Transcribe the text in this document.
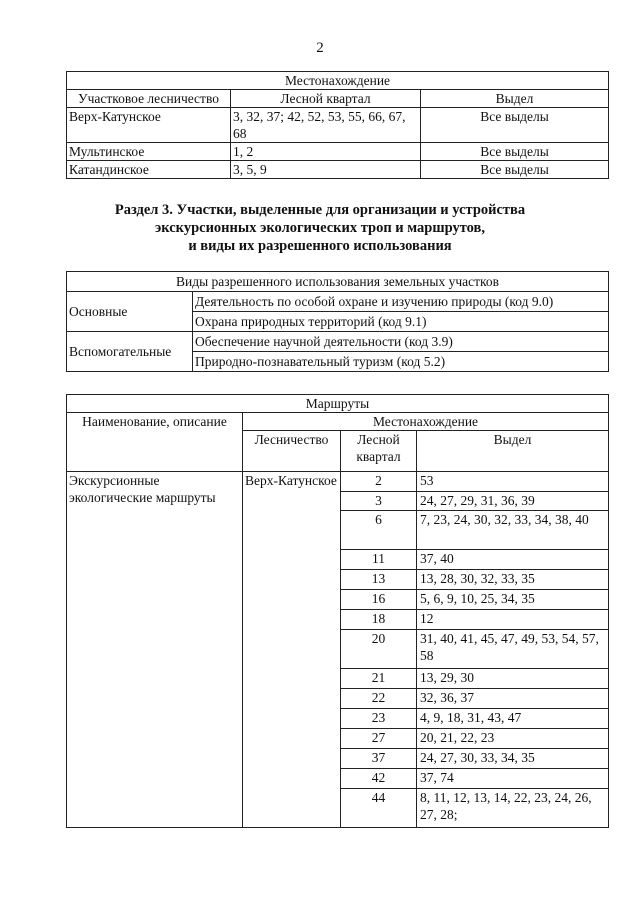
2
Местонахождение		
Участковое лесничество	Лесной квартал	Выдел
Верх-Катунское	3, 32, 37; 42, 52, 53, 55, 66, 67, 68	Все выделы
Мультинское	1, 2	Все выделы
Катандинское	3, 5, 9	Все выделы
Раздел 3. Участки, выделенные для организации и устройства
экскурсионных экологических троп и маршрутов,
и виды их разрешенного использования
Виды разрешенного использования земельных участков	
Основные	Деятельность по особой охране и изучению природы (код 9.0)
	Охрана природных территорий (код 9.1)
Вспомогательные	Обеспечение научной деятельности (код 3.9)
	Природно-познавательный туризм (код 5.2)
Маршруты			
Наименование, описание	Местонахождение		
	Лесничество	Лесной квартал	Выдел
Экскурсионные экологические маршруты	Верх-Катунское	2	53
		3	24, 27, 29, 31, 36, 39
		6	7, 23, 24, 30, 32, 33, 34, 38, 40
		11	37, 40
		13	13, 28, 30, 32, 33, 35
		16	5, 6, 9, 10, 25, 34, 35
		18	12
		20	31, 40, 41, 45, 47, 49, 53, 54, 57, 58
		21	13, 29, 30
		22	32, 36, 37
		23	4, 9, 18, 31, 43, 47
		27	20, 21, 22, 23
		37	24, 27, 30, 33, 34, 35
		42	37, 74
		44	8, 11, 12, 13, 14, 22, 23, 24, 26, 27, 28;
